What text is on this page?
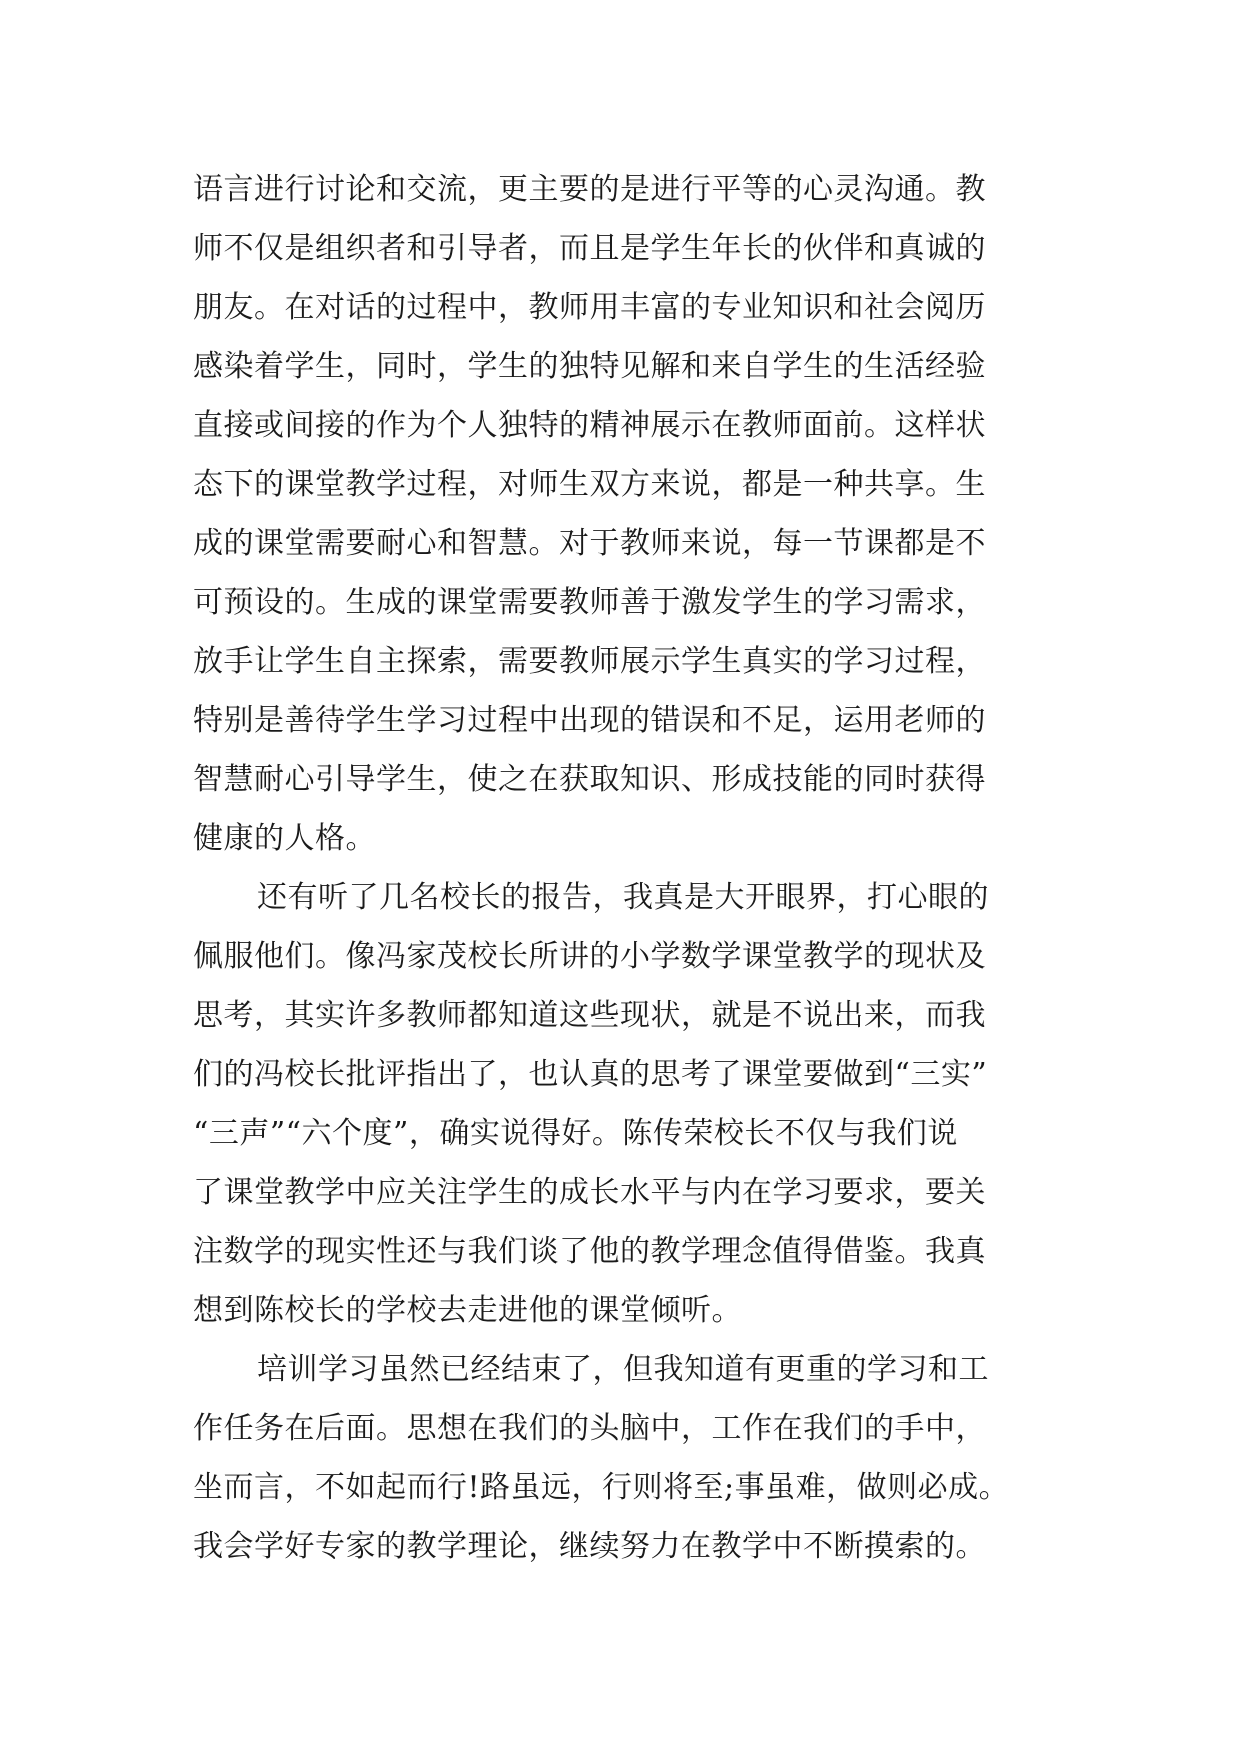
语言进行讨论和交流，更主要的是进行平等的心灵沟通。教
师不仅是组织者和引导者，而且是学生年长的伙伴和真诚的
朋友。在对话的过程中，教师用丰富的专业知识和社会阅历
感染着学生，同时，学生的独特见解和来自学生的生活经验
直接或间接的作为个人独特的精神展示在教师面前。这样状
态下的课堂教学过程，对师生双方来说，都是一种共享。生
成的课堂需要耐心和智慧。对于教师来说，每一节课都是不
可预设的。生成的课堂需要教师善于激发学生的学习需求，
放手让学生自主探索，需要教师展示学生真实的学习过程，
特别是善待学生学习过程中出现的错误和不足，运用老师的
智慧耐心引导学生，使之在获取知识、形成技能的同时获得
健康的人格。
还有听了几名校长的报告，我真是大开眼界，打心眼的
佩服他们。像冯家茂校长所讲的小学数学课堂教学的现状及
思考，其实许多教师都知道这些现状，就是不说出来，而我
们的冯校长批评指出了，也认真的思考了课堂要做到“三实”
“三声”“六个度”，确实说得好。陈传荣校长不仅与我们说
了课堂教学中应关注学生的成长水平与内在学习要求，要关
注数学的现实性还与我们谈了他的教学理念值得借鉴。我真
想到陈校长的学校去走进他的课堂倾听。
培训学习虽然已经结束了，但我知道有更重的学习和工
作任务在后面。思想在我们的头脑中，工作在我们的手中，
坐而言，不如起而行!路虽远，行则将至;事虽难，做则必成。
我会学好专家的教学理论，继续努力在教学中不断摸索的。
